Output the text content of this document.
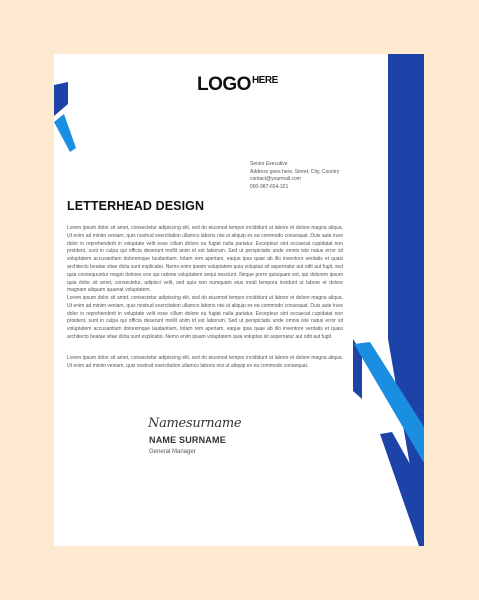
$LOGO^{HERE}$
Senior Executive
Address goes here, Street, City, Country
contact@yourmail.com
000-987-654-321
LETTERHEAD DESIGN
Lorem ipsum dolor sit amet, consectetur adipiscing elit, sed do eiusmod tempor incididunt ut labore et dolore magna aliqua. Ut enim ad minim veniam, quis nostrud exercitation ullamco laboris nisi ut aliquip ex ea commodo consequat. Duis aute irure dolor in reprehenderit in voluptate velit esse cillum dolore eu fugiat nulla pariatur. Excepteur sint occaecat cupidatat non proident, sunt in culpa qui officia deserunt mollit anim id est laborum. Sed ut perspiciatis unde omnis iste natus error sit voluptatem accusantium doloremque laudantium, totam rem aperiam, eaque ipsa quae ab illo inventore veritatis et quasi architecto beatae vitae dicta sunt explicabo. Nemo enim ipsam voluptatem quia voluptas sit aspernatur aut odit aut fugit, sed quia consequuntur magni dolores eos qui ratione voluptatem sequi nesciunt. Neque porro quisquam est, qui dolorem ipsum quia dolor sit amet, consectetur, adipisci velit, sed quia non numquam eius modi tempora incidunt ut labore et dolore magnam aliquam quaerat voluptatem.
Lorem ipsum dolor sit amet, consectetur adipiscing elit, sed do eiusmod tempor incididunt ut labore et dolore magna aliqua. Ut enim ad minim veniam, quis nostrud exercitation ullamco laboris nisi ut aliquip ex ea commodo consequat. Duis aute irure dolor in reprehenderit in voluptate velit esse cillum dolore eu fugiat nulla pariatur. Excepteur sint occaecat cupidatat non proident, sunt in culpa qui officia deserunt mollit anim id est laborum. Sed ut perspiciatis unde omnis iste natus error sit voluptatem accusantium doloremque laudantium, totam rem aperiam, eaque ipsa quae ab illo inventore veritatis et quasi architecto beatae vitae dicta sunt explicabo. Nemo enim ipsam voluptatem quia voluptas sit aspernatur aut odit aut fugit.
Lorem ipsum dolor sit amet, consectetur adipiscing elit, sed do eiusmod tempor incididunt ut labore et dolore magna aliqua. Ut enim ad minim veniam, quis nostrud exercitation ullamco laboris nisi ut aliquip ex ea commodo consequat.
Namesurname
NAME SURNAME
General Manager
